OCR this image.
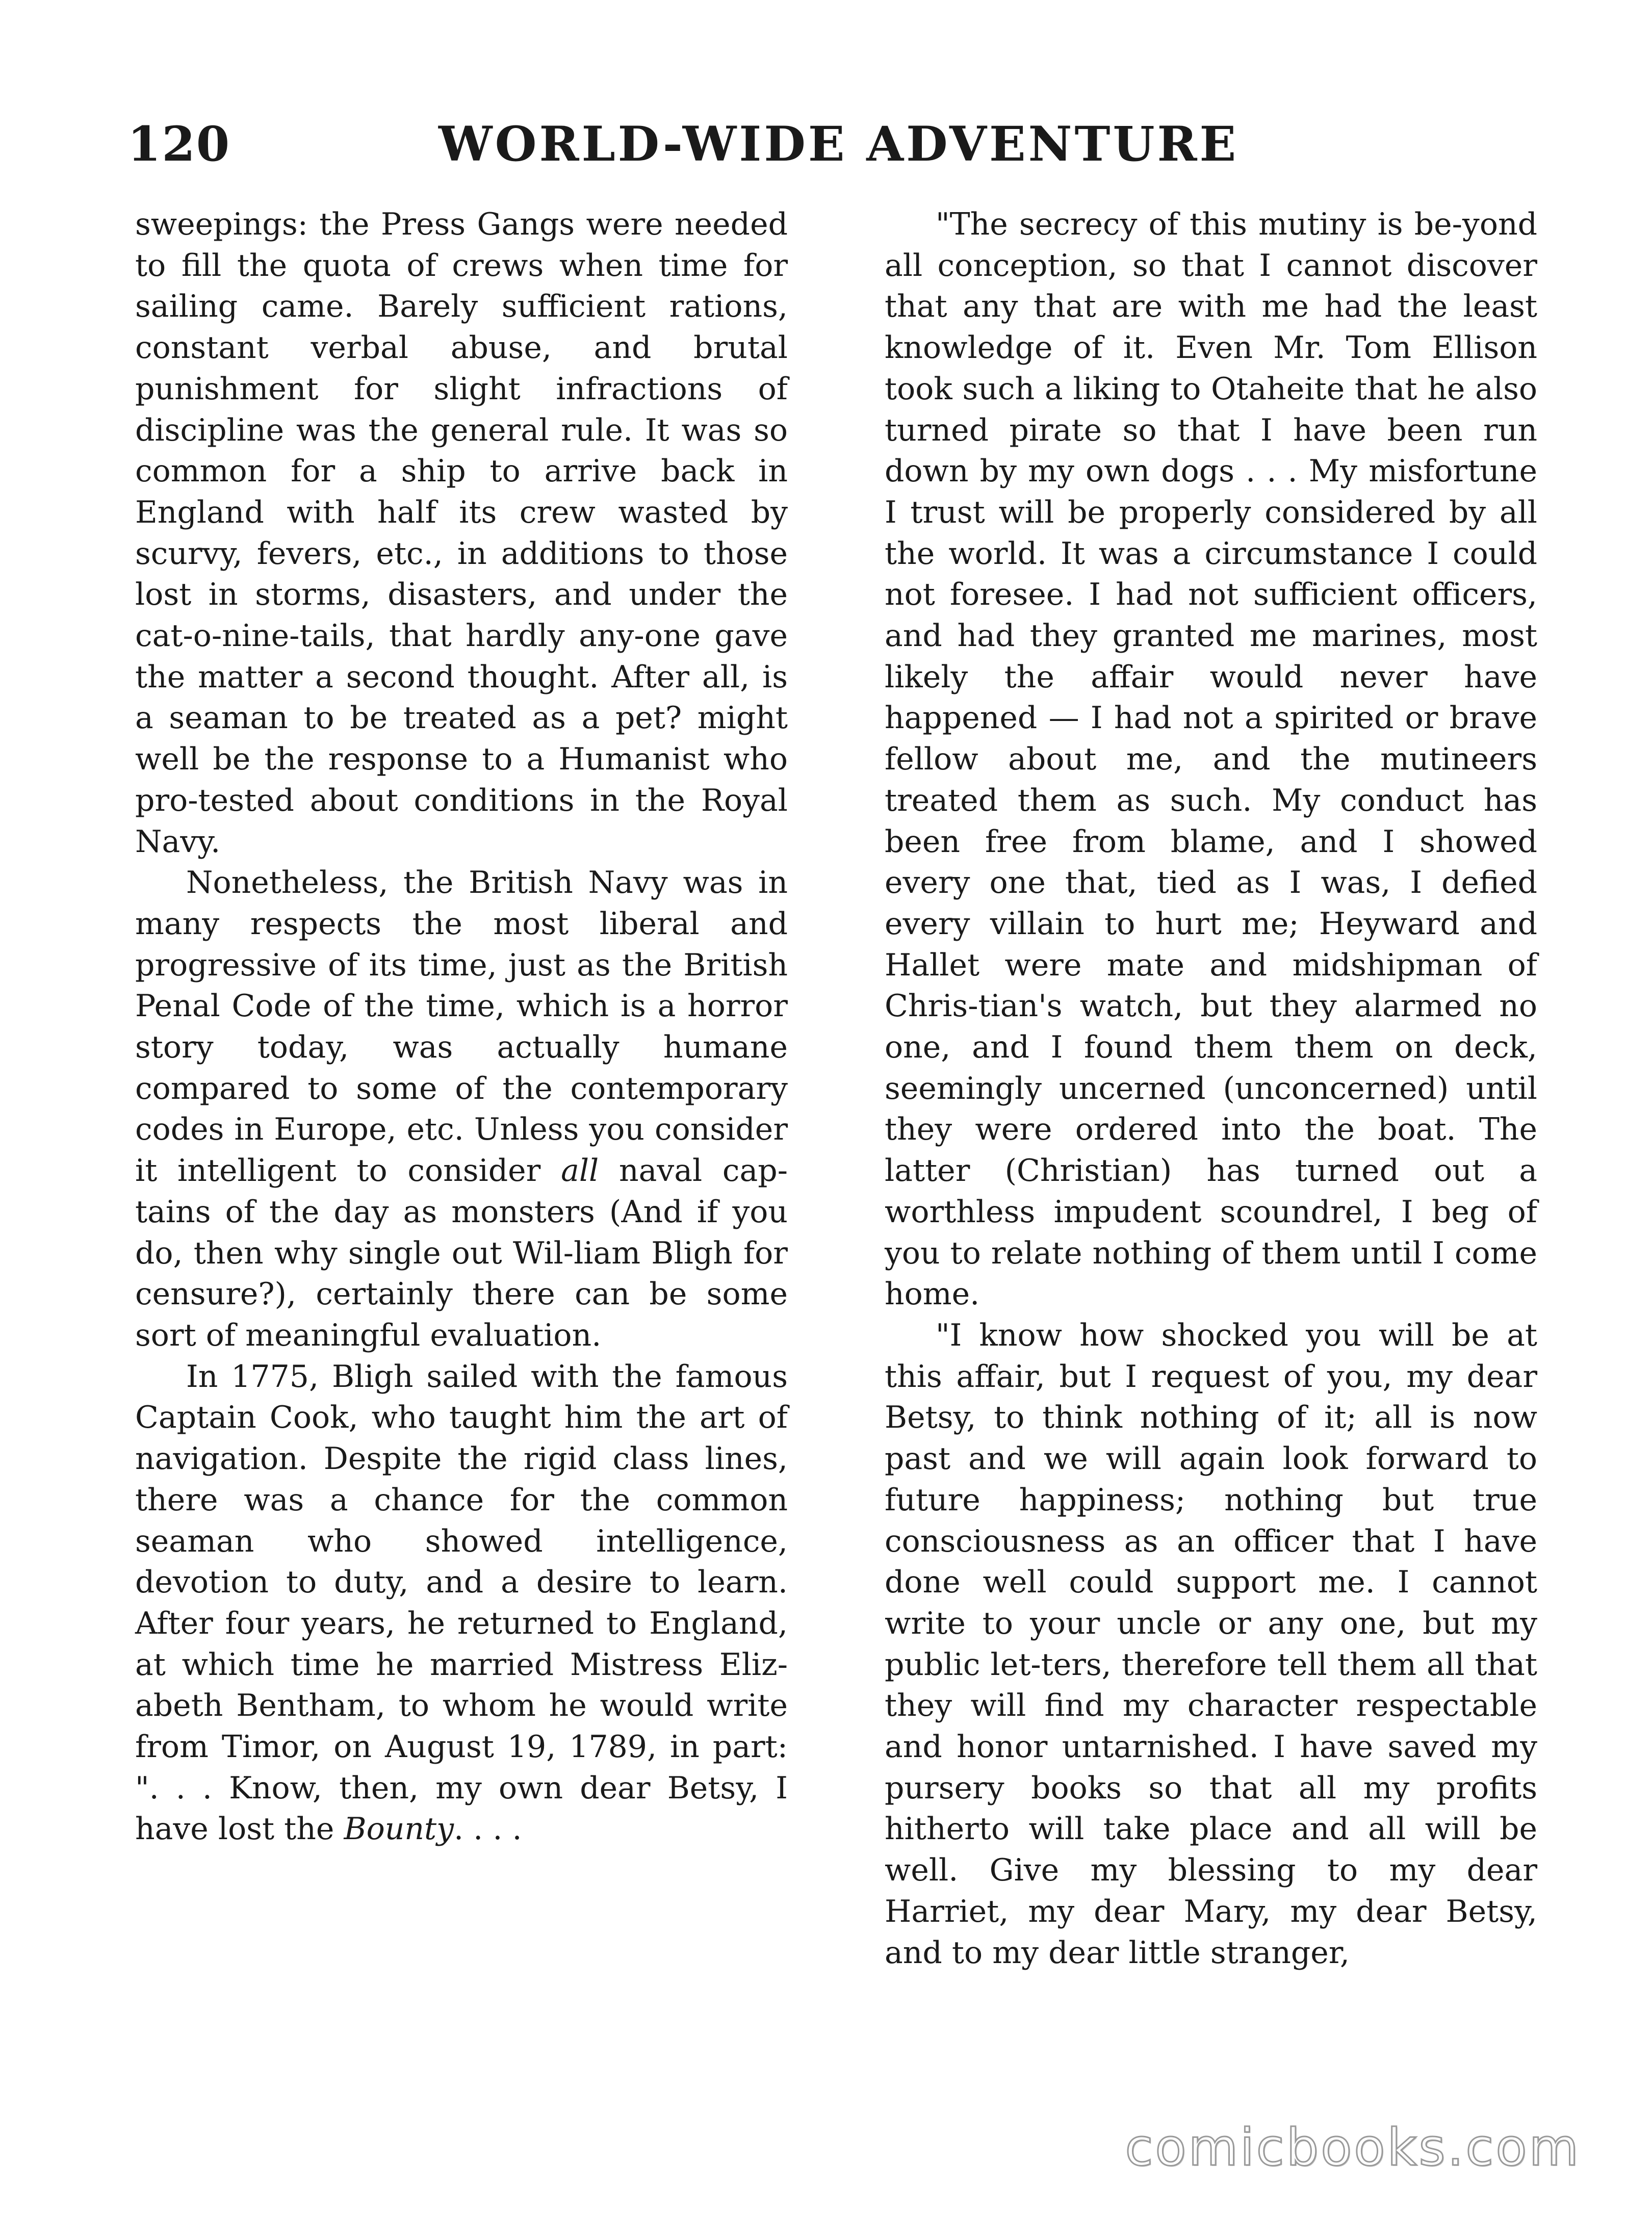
120	WORLD-WIDE ADVENTURE

sweepings: the Press Gangs were needed to fill the quota of crews when time for sailing came. Barely sufficient rations, constant verbal abuse, and brutal punishment for slight infractions of discipline was the general rule. It was so common for a ship to arrive back in England with half its crew wasted by scurvy, fevers, etc., in additions to those lost in storms, disasters, and under the cat-o-nine-tails, that hardly any-one gave the matter a second thought. After all, is a seaman to be treated as a pet? might well be the response to a Humanist who pro-tested about conditions in the Royal Navy.

Nonetheless, the British Navy was in many respects the most liberal and progressive of its time, just as the British Penal Code of the time, which is a horror story today, was actually humane compared to some of the contemporary codes in Europe, etc. Unless you consider it intelligent to consider all naval cap-tains of the day as monsters (And if you do, then why single out Wil-liam Bligh for censure?), certainly there can be some sort of meaningful evaluation.

In 1775, Bligh sailed with the famous Captain Cook, who taught him the art of navigation. Despite the rigid class lines, there was a chance for the common seaman who showed intelligence, devotion to duty, and a desire to learn. After four years, he returned to England, at which time he married Mistress Eliz-abeth Bentham, to whom he would write from Timor, on August 19, 1789, in part: ". . . Know, then, my own dear Betsy, I have lost the Bounty. . . .

"The secrecy of this mutiny is be-yond all conception, so that I cannot discover that any that are with me had the least knowledge of it. Even Mr. Tom Ellison took such a liking to Otaheite that he also turned pirate so that I have been run down by my own dogs . . . My misfortune I trust will be properly considered by all the world. It was a circumstance I could not foresee. I had not sufficient officers, and had they granted me marines, most likely the affair would never have happened — I had not a spirited or brave fellow about me, and the mutineers treated them as such. My conduct has been free from blame, and I showed every one that, tied as I was, I defied every villain to hurt me; Heyward and Hallet were mate and midshipman of Chris-tian's watch, but they alarmed no one, and I found them them on deck, seemingly uncerned (unconcerned) until they were ordered into the boat. The latter (Christian) has turned out a worthless impudent scoundrel, I beg of you to relate nothing of them until I come home.

"I know how shocked you will be at this affair, but I request of you, my dear Betsy, to think nothing of it; all is now past and we will again look forward to future happiness; nothing but true consciousness as an officer that I have done well could support me. I cannot write to your uncle or any one, but my public let-ters, therefore tell them all that they will find my character respectable and honor untarnished. I have saved my pursery books so that all my profits hitherto will take place and all will be well. Give my blessing to my dear Harriet, my dear Mary, my dear Betsy, and to my dear little stranger,

comicbooks.com
